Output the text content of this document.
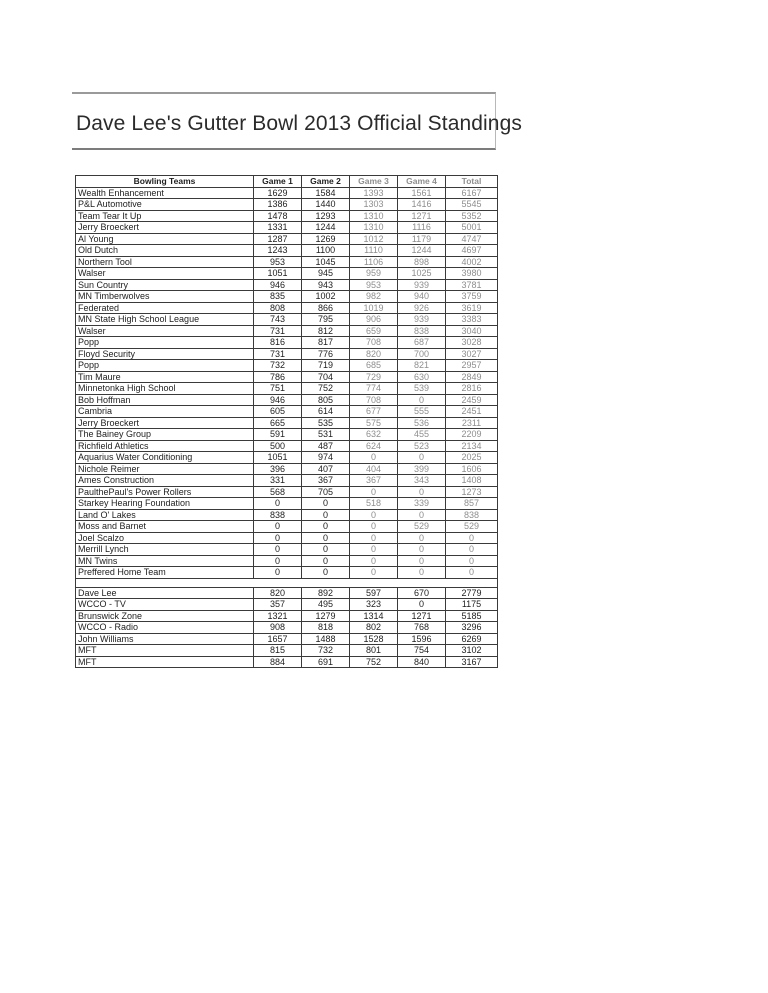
Dave Lee's Gutter Bowl 2013 Official Standings
Bowling Teams	Game 1	Game 2	Game 3	Game 4	Total
Wealth Enhancement	1629	1584	1393	1561	6167
P&L Automotive	1386	1440	1303	1416	5545
Team Tear It Up	1478	1293	1310	1271	5352
Jerry Broeckert	1331	1244	1310	1116	5001
Al Young	1287	1269	1012	1179	4747
Old Dutch	1243	1100	1110	1244	4697
Northern Tool	953	1045	1106	898	4002
Walser	1051	945	959	1025	3980
Sun Country	946	943	953	939	3781
MN Timberwolves	835	1002	982	940	3759
Federated	808	866	1019	926	3619
MN State High School League	743	795	906	939	3383
Walser	731	812	659	838	3040
Popp	816	817	708	687	3028
Floyd Security	731	776	820	700	3027
Popp	732	719	685	821	2957
Tim Maure	786	704	729	630	2849
Minnetonka High School	751	752	774	539	2816
Bob Hoffman	946	805	708	0	2459
Cambria	605	614	677	555	2451
Jerry Broeckert	665	535	575	536	2311
The Bainey Group	591	531	632	455	2209
Richfield Athletics	500	487	624	523	2134
Aquarius Water Conditioning	1051	974	0	0	2025
Nichole Reimer	396	407	404	399	1606
Ames Construction	331	367	367	343	1408
PaulthePaul's Power Rollers	568	705	0	0	1273
Starkey Hearing Foundation	0	0	518	339	857
Land O' Lakes	838	0	0	0	838
Moss and Barnet	0	0	0	529	529
Joel Scalzo	0	0	0	0	0
Merrill Lynch	0	0	0	0	0
MN Twins	0	0	0	0	0
Preffered Home Team	0	0	0	0	0

Dave Lee	820	892	597	670	2779
WCCO - TV	357	495	323	0	1175
Brunswick Zone	1321	1279	1314	1271	5185
WCCO - Radio	908	818	802	768	3296
John Williams	1657	1488	1528	1596	6269
MFT	815	732	801	754	3102
MFT	884	691	752	840	3167
